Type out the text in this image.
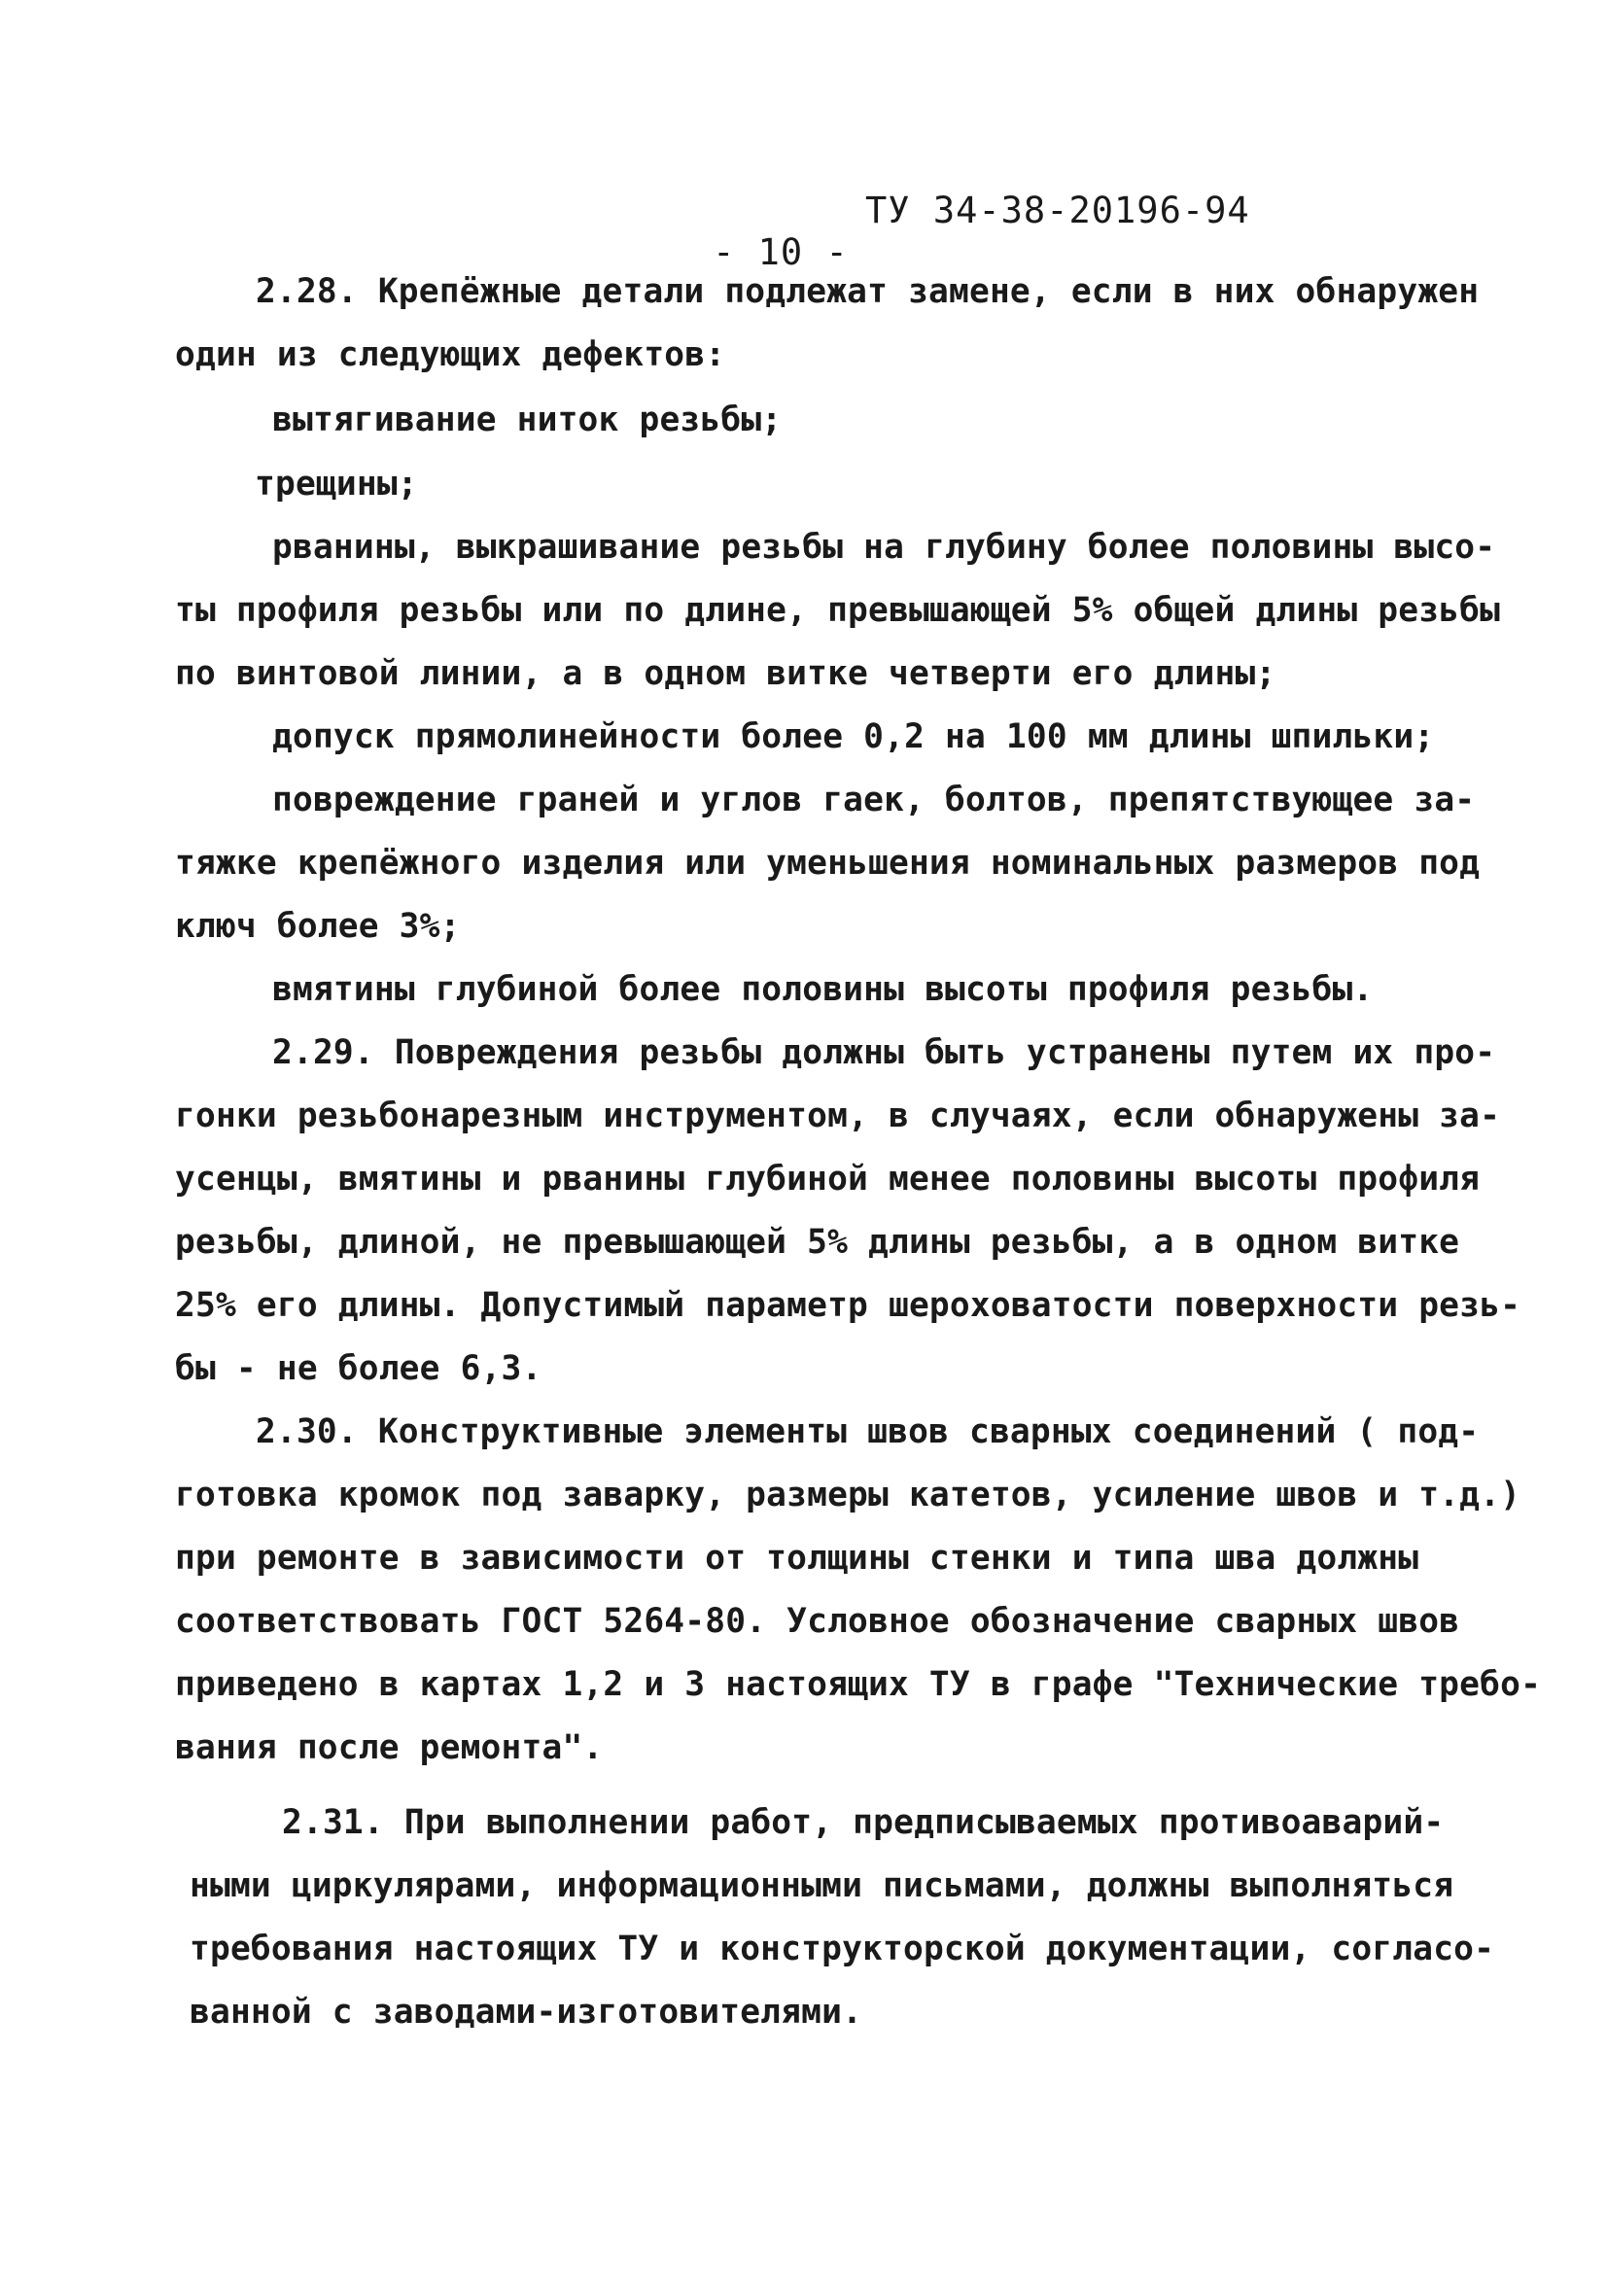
- 10 -

ТУ 34-38-20196-94

2.28. Крепёжные детали подлежат замене, если в них обнаружен
один из следующих дефектов:
вытягивание ниток резьбы;
трещины;
рванины, выкрашивание резьбы на глубину более половины высо-
ты профиля резьбы или по длине, превышающей 5% общей длины резьбы
по винтовой линии, а в одном витке четверти его длины;
допуск прямолинейности более 0,2 на 100 мм длины шпильки;
повреждение граней и углов гаек, болтов, препятствующее за-
тяжке крепёжного изделия или уменьшения номинальных размеров под
ключ более 3%;
вмятины глубиной более половины высоты профиля резьбы.
2.29. Повреждения резьбы должны быть устранены путем их про-
гонки резьбонарезным инструментом, в случаях, если обнаружены за-
усенцы, вмятины и рванины глубиной менее половины высоты профиля
резьбы, длиной, не превышающей 5% длины резьбы, а в одном витке
25% его длины. Допустимый параметр шероховатости поверхности резь-
бы - не более 6,3.
2.30. Конструктивные элементы швов сварных соединений ( под-
готовка кромок под заварку, размеры катетов, усиление швов и т.д.)
при ремонте в зависимости от толщины стенки и типа шва должны
соответствовать ГОСТ 5264-80. Условное обозначение сварных швов
приведено в картах 1,2 и 3 настоящих ТУ в графе "Технические требо-
вания после ремонта".
2.31. При выполнении работ, предписываемых противоаварий-
ными циркулярами, информационными письмами, должны выполняться
требования настоящих ТУ и конструкторской документации, согласо-
ванной с заводами-изготовителями.
